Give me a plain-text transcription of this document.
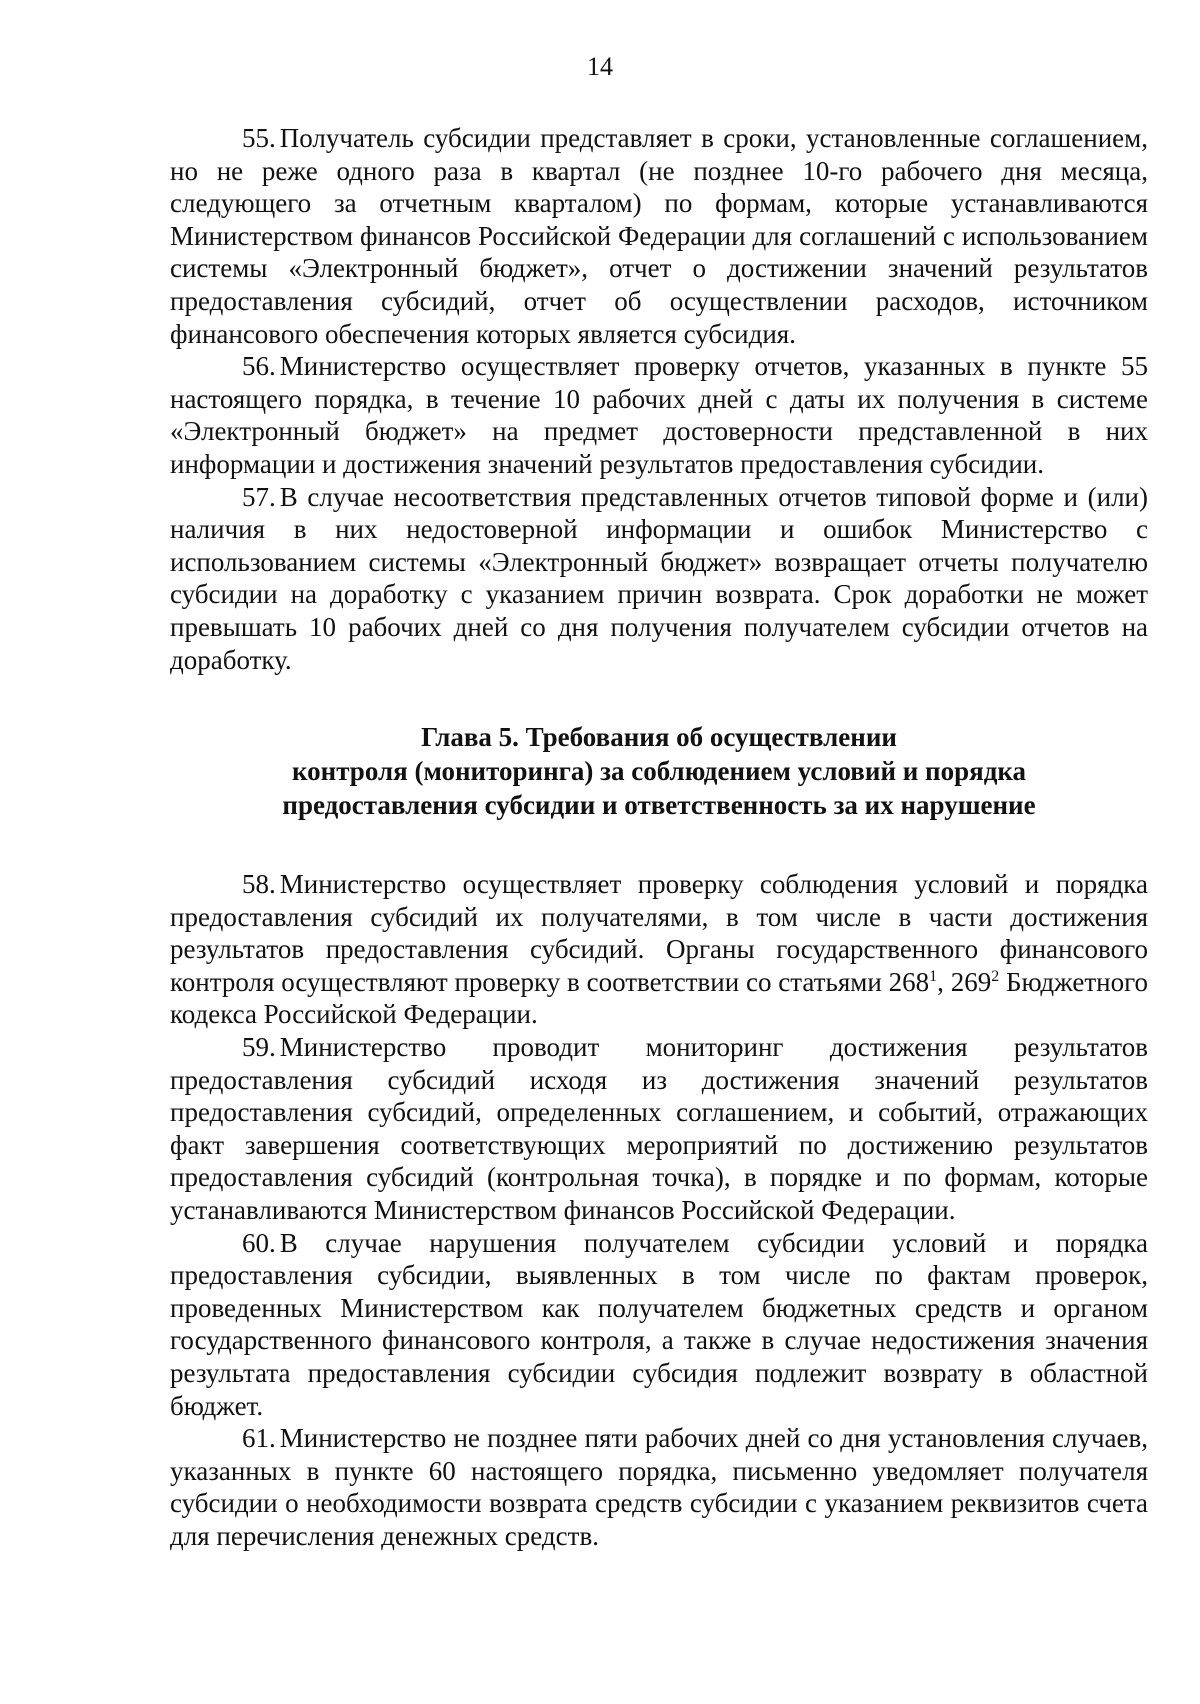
14

55. Получатель субсидии представляет в сроки, установленные соглашением, но не реже одного раза в квартал (не позднее 10-го рабочего дня месяца, следующего за отчетным кварталом) по формам, которые устанавливаются Министерством финансов Российской Федерации для соглашений с использованием системы «Электронный бюджет», отчет о достижении значений результатов предоставления субсидий, отчет об осуществлении расходов, источником финансового обеспечения которых является субсидия.

56. Министерство осуществляет проверку отчетов, указанных в пункте 55 настоящего порядка, в течение 10 рабочих дней с даты их получения в системе «Электронный бюджет» на предмет достоверности представленной в них информации и достижения значений результатов предоставления субсидии.

57. В случае несоответствия представленных отчетов типовой форме и (или) наличия в них недостоверной информации и ошибок Министерство с использованием системы «Электронный бюджет» возвращает отчеты получателю субсидии на доработку с указанием причин возврата. Срок доработки не может превышать 10 рабочих дней со дня получения получателем субсидии отчетов на доработку.

Глава 5. Требования об осуществлении
контроля (мониторинга) за соблюдением условий и порядка
предоставления субсидии и ответственность за их нарушение

58. Министерство осуществляет проверку соблюдения условий и порядка предоставления субсидий их получателями, в том числе в части достижения результатов предоставления субсидий. Органы государственного финансового контроля осуществляют проверку в соответствии со статьями $268^1$, $269^2$ Бюджетного кодекса Российской Федерации.

59. Министерство проводит мониторинг достижения результатов предоставления субсидий исходя из достижения значений результатов предоставления субсидий, определенных соглашением, и событий, отражающих факт завершения соответствующих мероприятий по достижению результатов предоставления субсидий (контрольная точка), в порядке и по формам, которые устанавливаются Министерством финансов Российской Федерации.

60. В случае нарушения получателем субсидии условий и порядка предоставления субсидии, выявленных в том числе по фактам проверок, проведенных Министерством как получателем бюджетных средств и органом государственного финансового контроля, а также в случае недостижения значения результата предоставления субсидии субсидия подлежит возврату в областной бюджет.

61. Министерство не позднее пяти рабочих дней со дня установления случаев, указанных в пункте 60 настоящего порядка, письменно уведомляет получателя субсидии о необходимости возврата средств субсидии с указанием реквизитов счета для перечисления денежных средств.
